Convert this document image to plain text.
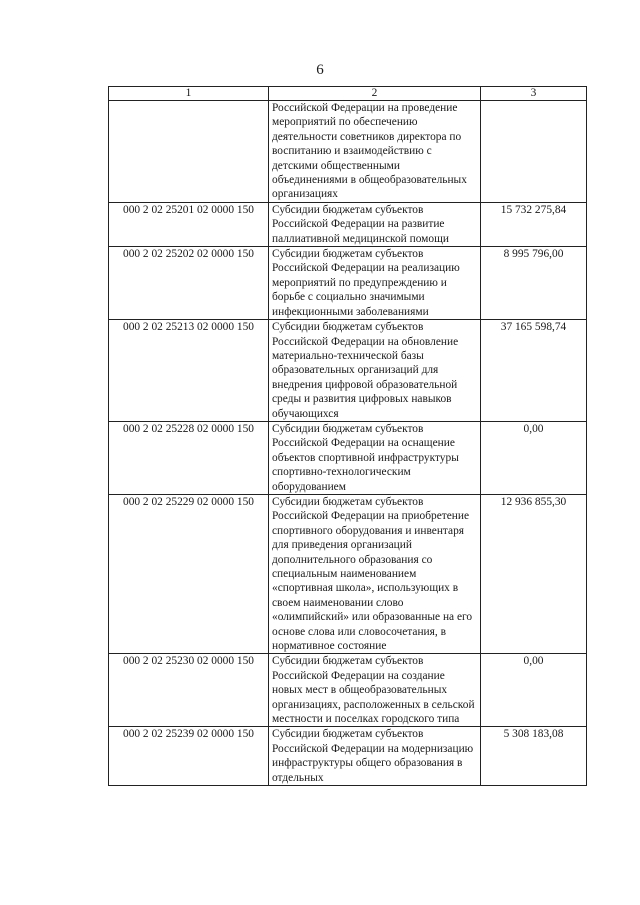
6
1	2	3
	Российской Федерации на проведение мероприятий по обеспечению деятельности советников директора по воспитанию и взаимодействию с детскими общественными объединениями в общеобразовательных организациях	
000 2 02 25201 02 0000 150	Субсидии бюджетам субъектов Российской Федерации на развитие паллиативной медицинской помощи	15 732 275,84
000 2 02 25202 02 0000 150	Субсидии бюджетам субъектов Российской Федерации на реализацию мероприятий по предупреждению и борьбе с социально значимыми инфекционными заболеваниями	8 995 796,00
000 2 02 25213 02 0000 150	Субсидии бюджетам субъектов Российской Федерации на обновление материально-технической базы образовательных организаций для внедрения цифровой образовательной среды и развития цифровых навыков обучающихся	37 165 598,74
000 2 02 25228 02 0000 150	Субсидии бюджетам субъектов Российской Федерации на оснащение объектов спортивной инфраструктуры спортивно-технологическим оборудованием	0,00
000 2 02 25229 02 0000 150	Субсидии бюджетам субъектов Российской Федерации на приобретение спортивного оборудования и инвентаря для приведения организаций дополнительного образования со специальным наименованием «спортивная школа», использующих в своем наименовании слово «олимпийский» или образованные на его основе слова или словосочетания, в нормативное состояние	12 936 855,30
000 2 02 25230 02 0000 150	Субсидии бюджетам субъектов Российской Федерации на создание новых мест в общеобразовательных организациях, расположенных в сельской местности и поселках городского типа	0,00
000 2 02 25239 02 0000 150	Субсидии бюджетам субъектов Российской Федерации на модернизацию инфраструктуры общего образования в отдельных	5 308 183,08
